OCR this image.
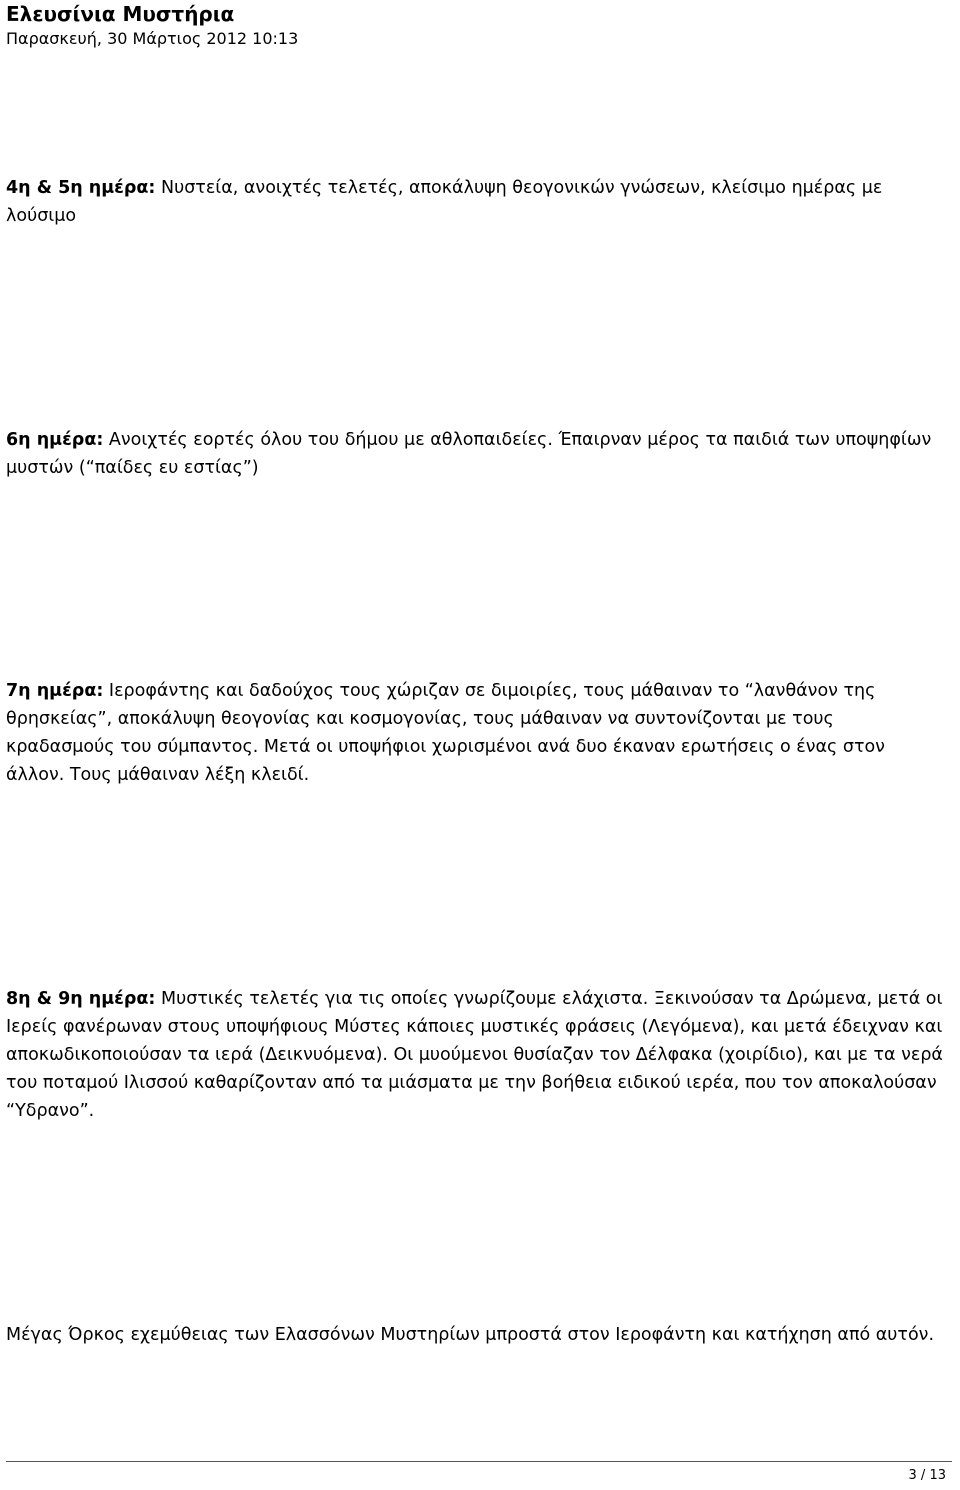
Ελευσίνια Μυστήρια
Παρασκευή, 30 Μάρτιος 2012 10:13

4η & 5η ημέρα: Νυστεία, ανοιχτές τελετές, αποκάλυψη θεογονικών γνώσεων, κλείσιμο ημέρας με λούσιμο

6η ημέρα: Ανοιχτές εορτές όλου του δήμου με αθλοπαιδείες. Έπαιρναν μέρος τα παιδιά των υποψηφίων μυστών (“παίδες ευ εστίας”)

7η ημέρα: Ιεροφάντης και δαδούχος τους χώριζαν σε διμοιρίες, τους μάθαιναν το “λανθάνον της θρησκείας”, αποκάλυψη θεογονίας και κοσμογονίας, τους μάθαιναν να συντονίζονται με τους κραδασμούς του σύμπαντος. Μετά οι υποψήφιοι χωρισμένοι ανά δυο έκαναν ερωτήσεις ο ένας στον άλλον. Τους μάθαιναν λέξη κλειδί.

8η & 9η ημέρα: Μυστικές τελετές για τις οποίες γνωρίζουμε ελάχιστα. Ξεκινούσαν τα Δρώμενα, μετά οι Ιερείς φανέρωναν στους υποψήφιους Μύστες κάποιες μυστικές φράσεις (Λεγόμενα), και μετά έδειχναν και αποκωδικοποιούσαν τα ιερά (Δεικνυόμενα). Οι μυούμενοι θυσίαζαν τον Δέλφακα (χοιρίδιο), και με τα νερά του ποταμού Ιλισσού καθαρίζονταν από τα μιάσματα με την βοήθεια ειδικού ιερέα, που τον αποκαλούσαν “Υδρανο”.

Μέγας Όρκος εχεμύθειας των Ελασσόνων Μυστηρίων μπροστά στον Ιεροφάντη και κατήχηση από αυτόν.

3 / 13
